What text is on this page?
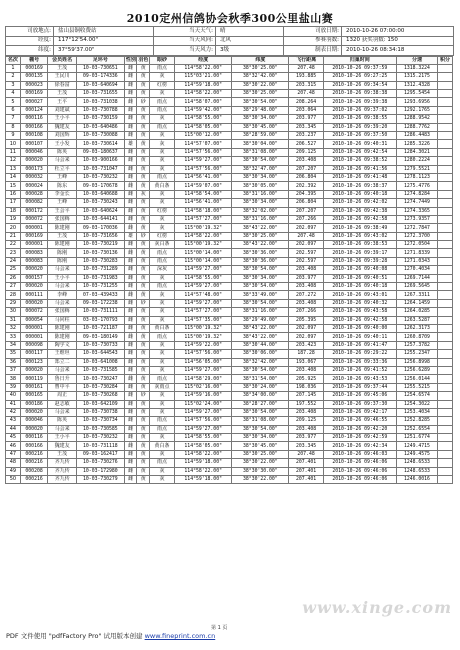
2010定州信鸽协会秋季300公里盐山赛
司放地点:	盐山县铜收费站	当天天气:	晴	司放日期:	2010-10-26 07:00:00
经度:	117°12'54.00"	当天风向:	北风	参赛羽数:	1320 获奖羽数: 150
纬度:	37°59'37.00"	当天风力:	3级	制表日期:	2010-10-26 08:34:18
名次	棚号	会员姓名	足环号	性别	羽色	眼砂	经度	纬度	飞行距离	归巢时间	分速	积分
1	000169	王茂	10-03-730651	雌	黄	雨点	114°58'22.00"	38°30'25.00"	207.48	2010-10-26 09:37:59	1318.3224	
2	000135	王民川	09-03-174336	雌	黄	灰	115°03'21.00"	38°32'42.00"	193.885	2010-10-26 09:27:25	1315.2175	
3	000023	徐春富	10-03-640694	雌	黄	红楞	114°59'18.00"	38°30'22.00"	203.315	2010-10-26 09:34:54	1312.4328	
4	000169	王茂	10-03-731655	雌	黄	灰	114°58'22.00"	38°30'25.00"	207.48	2010-10-26 09:38:38	1295.5454	
5	000027	王平	10-03-731038	雌	砂	雨点	114°58'07.00"	38°30'54.00"	208.264	2010-10-26 09:39:38	1293.6956	
6	000124	刘建斌	10-03-730788	雌	黄	雨点	114°59'42.00"	38°29'48.00"	203.064	2010-10-26 09:37:02	1292.1765	
7	000116	王小平	10-03-730159	雌	黄	灰	114°58'55.00"	38°30'34.00"	203.977	2010-10-26 09:38:55	1288.9542	
8	000166	魏建友	10-03-640486	雌	黄	雨点	114°58'05.00"	38°30'45.00"	203.345	2010-10-26 09:39:20	1288.7762	
9	000108	刘国辉	10-03-730088	雌	黄	灰	115°00'12.00"	38°28'59.00"	203.237	2010-10-26 09:37:50	1286.4483	
10	000107	王小发	10-03-730614	雄	黄	灰	114°57'07.00"	38°30'04.00"	206.527	2010-10-26 09:40:31	1285.3226	
11	000046	陈英	09-03-180637	雌	黄	灰	114°57'56.00"	38°31'08.00"	209.125	2010-10-26 09:42:54	1284.3021	
12	000020	马会来	10-03-900166	雌	黄	灰	114°59'27.00"	38°30'54.00"	203.408	2010-10-26 09:38:52	1280.2224	
13	000173	杜立平	10-03-731047	雌	黄	灰	114°57'56.00"	38°32'47.00"	207.207	2010-10-26 09:41:56	1279.5521	
14	000032	王峰	10-03-730232	雌	黄	雨点	114°56'41.00"	38°30'34.00"	206.804	2010-10-26 09:41:48	1278.1123	
15	000024	陈东	09-03-170678	雌	黄	黄白条	114°59'07.00"	38°30'05.00"	202.392	2010-10-26 09:38:37	1275.4776	
16	000028	李金长	10-03-640688	雌	灰	灰	114°58'54.00"	38°31'16.00"	204.395	2010-10-26 09:40:18	1274.8284	
17	000082	王峰	10-03-730243	雌	黄	灰	114°56'41.00"	38°30'34.00"	206.804	2010-10-26 09:42:02	1274.7449	
18	000172	王会平	10-03-640624	雌	黄	红楞	114°58'18.00"	38°32'02.00"	207.207	2010-10-26 09:42:38	1274.3365	
19	000072	张国梅	10-03-644141	雌	黄	灰	114°57'27.00"	38°31'16.00"	207.266	2010-10-26 09:42:58	1273.9357	
20	000001	陈建刚	09-03-170036	雌	黄	灰	115°00'19.32"	38°43'22.00"	202.097	2010-10-26 09:38:49	1272.7847	
21	000169	王茂	10-03-731656	雄	砂	红楞	114°58'22.00"	38°30'25.00"	207.48	2010-10-26 09:43:02	1272.3700	
22	000001	陈建刚	10-03-730219	雌	黄	灰白条	115°00'19.32"	38°43'22.00"	202.097	2010-10-26 09:38:53	1272.0504	
23	000083	陈刚	10-03-730136	雌	黄	雨点	115°00'14.00"	38°30'36.00"	202.597	2010-10-26 09:39:17	1271.8339	
24	000083	陈刚	10-03-730283	雌	黄	雨点	115°00'14.00"	38°30'36.00"	202.597	2010-10-26 09:39:28	1271.0343	
25	000020	马会来	10-03-731289	雌	黄	深灰	114°59'27.00"	38°30'54.00"	203.408	2010-10-26 09:40:08	1270.4034	
26	000157	王小平	10-03-731983	雌	黄	灰	114°58'55.00"	38°30'34.00"	203.977	2010-10-26 09:40:51	1269.7144	
27	000020	马会来	10-03-731255	雌	黄	雨点	114°59'27.00"	38°30'54.00"	203.408	2010-10-26 09:40:18	1269.5645	
28	000111	李峰	07-03-439433	雌	黄	灰	114°57'48.00"	38°33'49.00"	207.272	2010-10-26 09:43:01	1267.3311	
29	000020	马会来	09-03-172238	雌	砂	灰	114°59'27.00"	38°30'54.00"	203.408	2010-10-26 09:40:32	1264.1459	
30	000072	张国梅	10-03-731111	雌	黄	灰	114°57'27.00"	38°31'16.00"	207.266	2010-10-26 09:43:58	1264.0285	
31	000054	马同柱	03-03-170793	雌	黄	灰	114°57'35.00"	38°29'49.00"	205.395	2010-10-26 09:42:58	1263.5287	
32	000001	陈建刚	10-03-721187	雌	黄	黄白条	115°00'19.32"	38°43'22.00"	202.097	2010-10-26 09:40:00	1262.3173	
33	000001	陈建刚	09-03-180149	雌	黄	雨点	115°00'19.32"	38°43'22.00"	202.097	2010-10-26 09:40:11	1260.8709	
34	000098	陶学文	10-03-730733	雌	黄	灰	114°59'22.00"	38°30'44.00"	203.423	2010-10-26 09:41:47	1257.3782	
35	000117	王维坦	10-03-644543	雌	黄	灰	114°57'56.00"	38°30'06.00"	187.28	2010-10-26 09:29:22	1255.2347	
36	000123	郑立二	10-03-641008	雌	黄	灰	114°56'05.00"	38°32'42.00"	193.067	2010-10-26 09:33:36	1256.8998	
37	000020	马会来	10-03-731585	雌	黄	灰	114°59'27.00"	38°30'54.00"	203.408	2010-10-26 09:41:52	1256.6289	
38	000119	鲁日升	10-03-730247	雌	黄	雨点	114°58'29.00"	38°31'54.00"	205.925	2010-10-26 09:43:53	1256.0144	
39	000161	曹中平	10-03-730284	雌	黄	灰雨点	115°02'16.00"	38°30'24.00"	198.036	2010-10-26 09:37:44	1255.5215	
40	000165	周正	10-03-730268	雌	砂	灰	114°59'16.00"	38°34'00.00"	207.145	2010-10-26 09:45:06	1254.6574	
41	000186	赵志敏	10-03-642109	雌	黄	灰	115°02'24.00"	38°28'27.00"	197.552	2010-10-26 09:37:30	1254.3022	
42	000020	马会来	10-03-730738	雌	黄	灰	114°59'27.00"	38°30'54.00"	203.408	2010-10-26 09:42:17	1253.4034	
43	000046	陈英	10-03-730734	雌	黄	雨点	114°57'56.00"	38°31'08.00"	209.125	2010-10-26 09:46:55	1252.8285	
44	000020	马会来	10-03-730585	雌	黄	雨点	114°59'27.00"	38°30'54.00"	203.408	2010-10-26 09:42:20	1252.6554	
45	000116	王小平	10-03-730232	雌	黄	灰	114°58'55.00"	38°30'34.00"	203.977	2010-10-26 09:42:59	1251.6774	
46	000166	魏建友	10-03-731118	雌	黄	黄白条	114°58'05.00"	38°30'45.00"	203.345	2010-10-26 09:42:34	1249.4715	
47	000216	王茂	09-03-162417	雌	黄	灰	114°58'22.00"	38°30'25.00"	207.48	2010-10-26 09:46:03	1249.4575	
48	000216	齐九传	10-03-730276	雌	黄	雨点	114°59'18.00"	38°30'22.00"	207.401	2010-10-26 09:46:06	1248.6533	
49	000208	齐九传	10-03-172980	雌	黄	灰	114°58'22.00"	38°30'30.00"	207.401	2010-10-26 09:46:06	1248.6533	
50	000216	齐九传	10-03-730279	雌	黄	灰	114°59'18.00"	38°30'22.00"	207.401	2010-10-26 09:46:06	1246.0016	
www.xinge.com
第 1 页
PDF 文件使用 "pdfFactory Pro" 试用版本创建 www.fineprint.com.cn
